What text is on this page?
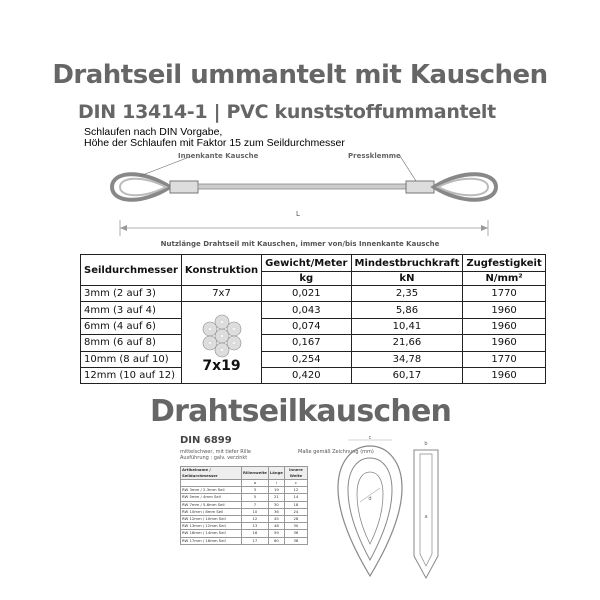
Drahtseil ummantelt mit Kauschen
DIN 13414-1 | PVC kunststoffummantelt
Schlaufen nach DIN Vorgabe,
Höhe der Schlaufen mit Faktor 15 zum Seildurchmesser
Innenkante Kausche	Pressklemme
L
Nutzlänge Drahtseil mit Kauschen, immer von/bis Innenkante Kausche
Seildurchmesser	Konstruktion	Gewicht/Meter	Mindestbruchkraft	Zugfestigkeit
		kg	kN	N/mm²
3mm (2 auf 3)	7x7	0,021	2,35	1770
4mm (3 auf 4)	7x19	0,043	5,86	1960
6mm (4 auf 6)		0,074	10,41	1960
8mm (6 auf 8)		0,167	21,66	1960
10mm (8 auf 10)		0,254	34,78	1770
12mm (10 auf 12)		0,420	60,17	1960
Drahtseilkauschen
DIN 6899
mittelschwer, mit tiefer Rille
Ausführung : galv. verzinkt
Maße gemäß Zeichnung (mm)
Artikelname / Seildurchmesser	Rillenweite	Länge	innere Weite
	a	l	c
RW 3mm / 2-3mm Seil	3	19	12
RW 5mm / 4mm Seil	5	21	14
RW 7mm / 5-6mm Seil	7	30	18
RW 10mm / 8mm Seil	10	36	24
RW 12mm / 10mm Seil	12	45	28
RW 13mm / 12mm Seil	13	48	30
RW 16mm / 14mm Seil	16	59	36
RW 17mm / 16mm Seil	17	60	38
c
b
d
a
